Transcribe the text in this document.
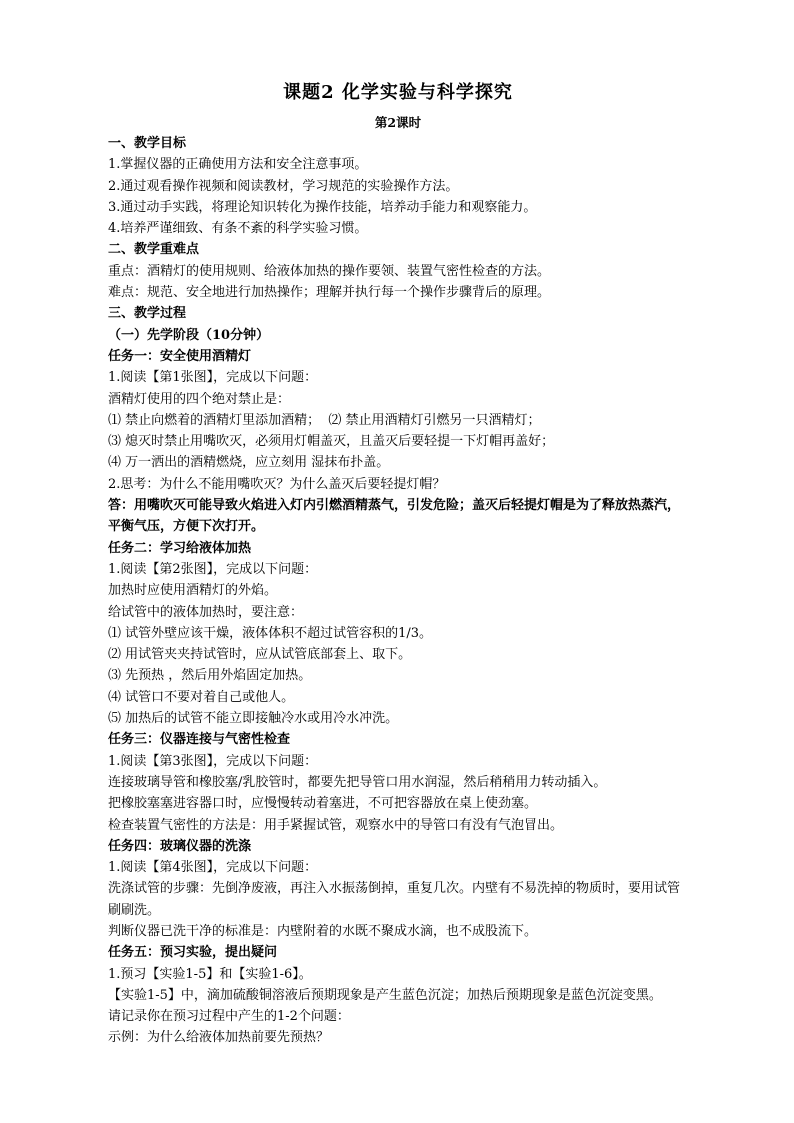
课题2 化学实验与科学探究
第2课时

一、教学目标

1.掌握仪器的正确使用方法和安全注意事项。

2.通过观看操作视频和阅读教材，学习规范的实验操作方法。

3.通过动手实践，将理论知识转化为操作技能，培养动手能力和观察能力。

4.培养严谨细致、有条不紊的科学实验习惯。

二、教学重难点

重点：酒精灯的使用规则、给液体加热的操作要领、装置气密性检查的方法。

难点：规范、安全地进行加热操作；理解并执行每一个操作步骤背后的原理。

三、教学过程

（一）先学阶段（10分钟）

任务一：安全使用酒精灯

1.阅读【第1张图】，完成以下问题：

酒精灯使用的四个绝对禁止是：

⑴ 禁止向燃着的酒精灯里添加酒精； ⑵ 禁止用酒精灯引燃另一只酒精灯；

⑶ 熄灭时禁止用嘴吹灭，必须用灯帽盖灭，且盖灭后要轻提一下灯帽再盖好；

⑷ 万一洒出的酒精燃烧，应立刻用 湿抹布扑盖。

2.思考：为什么不能用嘴吹灭？为什么盖灭后要轻提灯帽？

答：用嘴吹灭可能导致火焰进入灯内引燃酒精蒸气，引发危险；盖灭后轻提灯帽是为了释放热蒸汽，平衡气压，方便下次打开。

任务二：学习给液体加热

1.阅读【第2张图】，完成以下问题：

加热时应使用酒精灯的外焰。

给试管中的液体加热时，要注意：

⑴ 试管外壁应该干燥，液体体积不超过试管容积的1/3。

⑵ 用试管夹夹持试管时，应从试管底部套上、取下。

⑶ 先预热 ，然后用外焰固定加热。

⑷ 试管口不要对着自己或他人。

⑸ 加热后的试管不能立即接触冷水或用冷水冲洗。

任务三：仪器连接与气密性检查

1.阅读【第3张图】，完成以下问题：

连接玻璃导管和橡胶塞/乳胶管时，都要先把导管口用水润湿，然后稍稍用力转动插入。

把橡胶塞塞进容器口时，应慢慢转动着塞进，不可把容器放在桌上使劲塞。

检查装置气密性的方法是：用手紧握试管，观察水中的导管口有没有气泡冒出。

任务四：玻璃仪器的洗涤

1.阅读【第4张图】，完成以下问题：

洗涤试管的步骤：先倒净废液，再注入水振荡倒掉，重复几次。内壁有不易洗掉的物质时，要用试管刷刷洗。

判断仪器已洗干净的标准是：内壁附着的水既不聚成水滴，也不成股流下。

任务五：预习实验，提出疑问

1.预习【实验1-5】和【实验1-6】。

【实验1-5】中，滴加硫酸铜溶液后预期现象是产生蓝色沉淀；加热后预期现象是蓝色沉淀变黑。

请记录你在预习过程中产生的1-2个问题：

示例：为什么给液体加热前要先预热？
